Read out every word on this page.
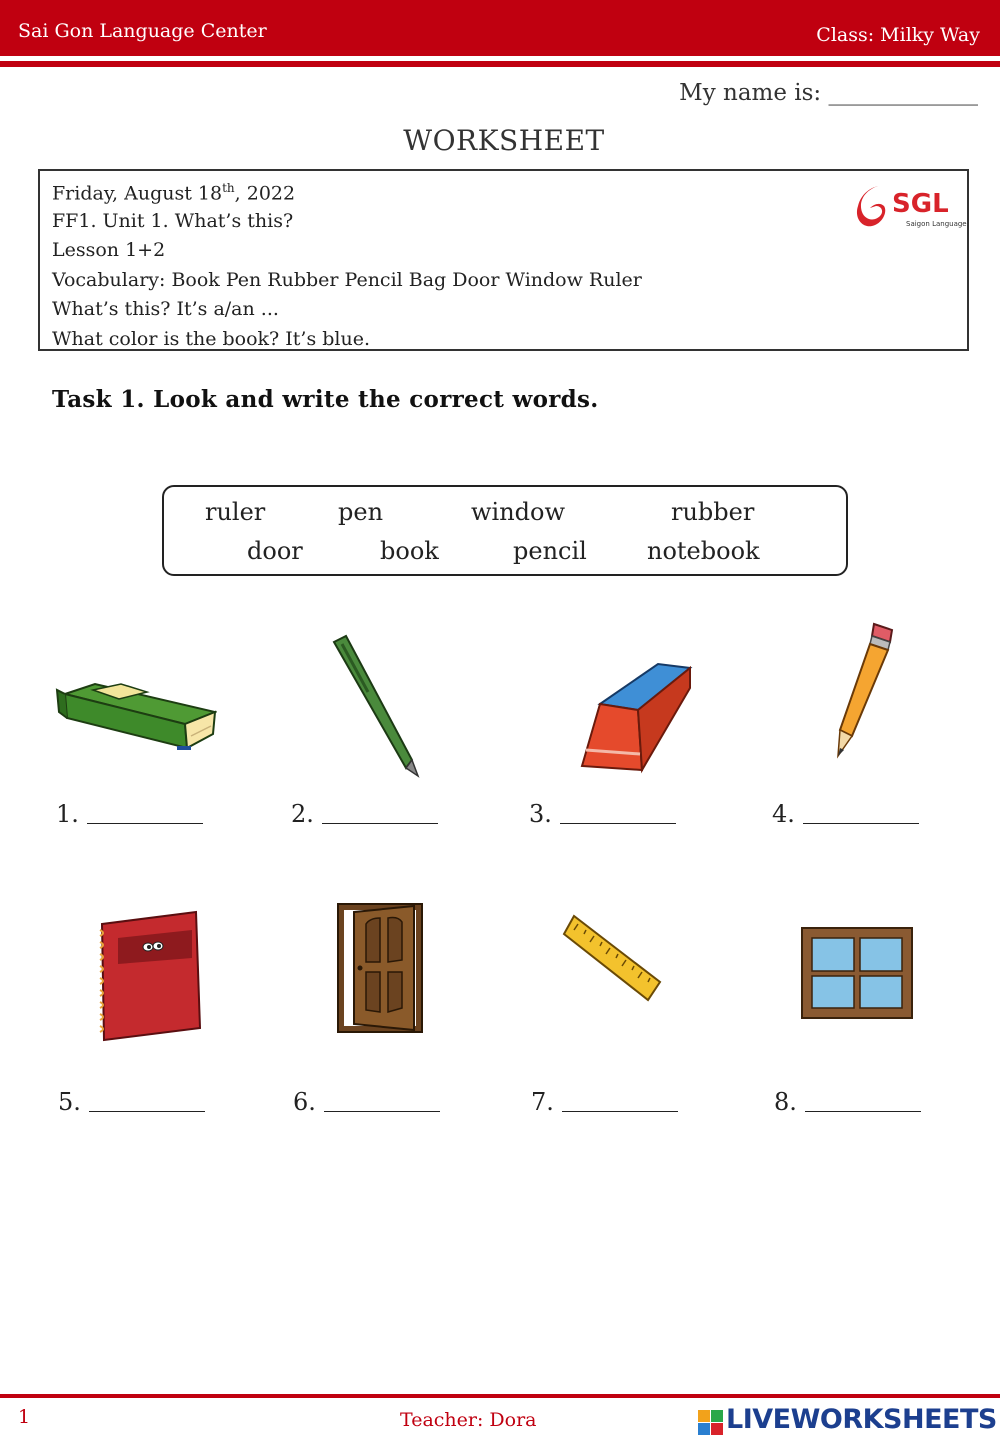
Sai Gon Language Center	Class: Milky Way
My name is: _____________
WORKSHEET
Friday, August 18th, 2022
FF1. Unit 1. What’s this?
Lesson 1+2
Vocabulary: Book Pen Rubber Pencil Bag Door Window Ruler
What’s this? It’s a/an ...
What color is the book? It’s blue.
SGL
Saigon Language
Task 1. Look and write the correct words.
ruler	pen	window	rubber
door	book	pencil	notebook
1.	2.	3.	4.
5.	6.	7.	8.
1	Teacher: Dora	LIVEWORKSHEETS
